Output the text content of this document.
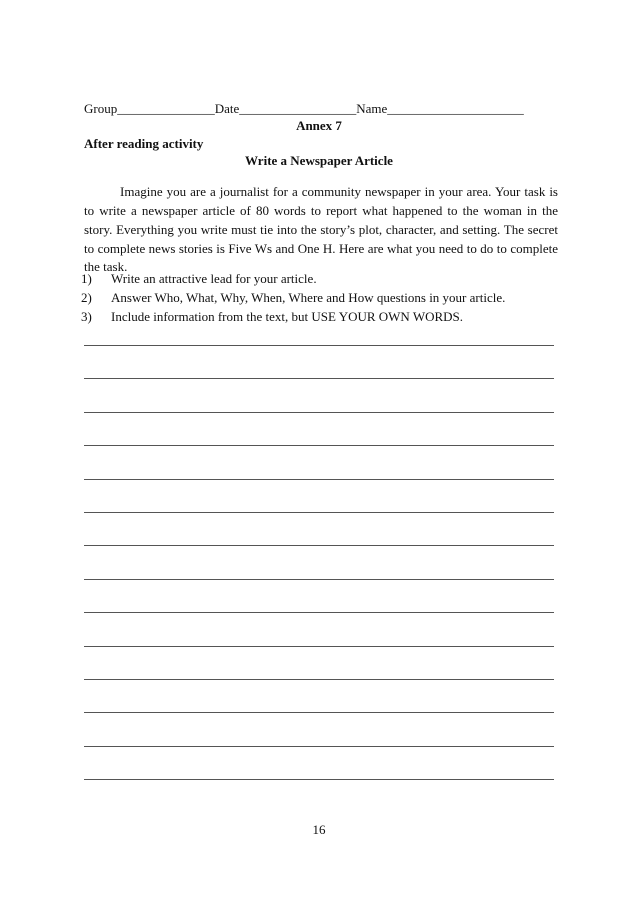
Group_______________Date__________________Name_____________________
Annex 7
After reading activity
Write a Newspaper Article

Imagine you are a journalist for a community newspaper in your area. Your task is to write a newspaper article of 80 words to report what happened to the woman in the story. Everything you write must tie into the story’s plot, character, and setting. The secret to complete news stories is Five Ws and One H. Here are what you need to do to complete the task.

1)	Write an attractive lead for your article.
2)	Answer Who, What, Why, When, Where and How questions in your article.
3)	Include information from the text, but USE YOUR OWN WORDS.
16
